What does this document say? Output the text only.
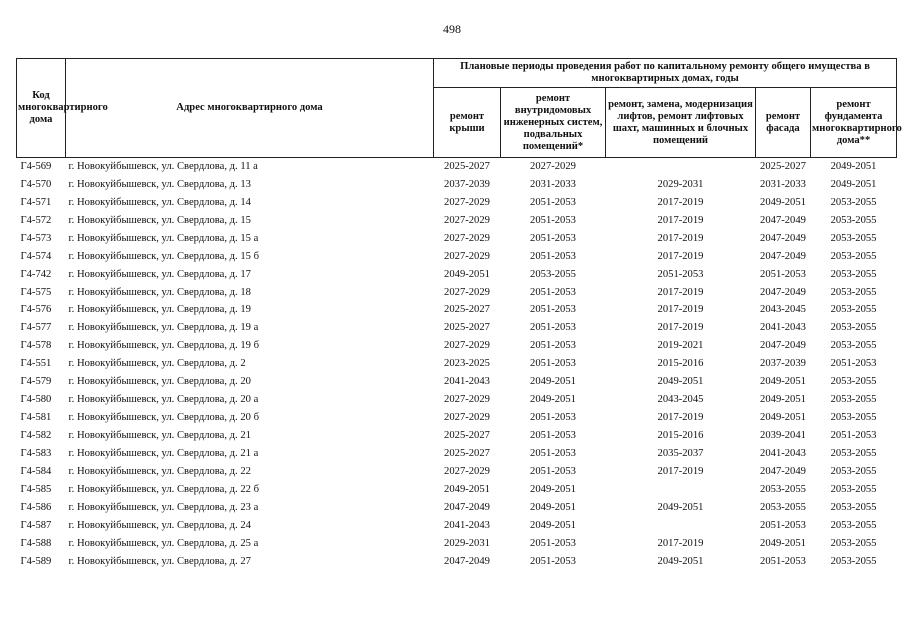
498
Код многоквартирного дома	Адрес многоквартирного дома	Плановые периоды проведения работ по капитальному ремонту общего имущества в многоквартирных домах, годы				
		ремонт крыши	ремонт внутридомовых инженерных систем, подвальных помещений*	ремонт, замена, модернизация лифтов, ремонт лифтовых шахт, машинных и блочных помещений	ремонт фасада	ремонт фундамента многоквартирного дома**
Г4-569	г. Новокуйбышевск, ул. Свердлова, д. 11 а	2025-2027	2027-2029		2025-2027	2049-2051
Г4-570	г. Новокуйбышевск, ул. Свердлова, д. 13	2037-2039	2031-2033	2029-2031	2031-2033	2049-2051
Г4-571	г. Новокуйбышевск, ул. Свердлова, д. 14	2027-2029	2051-2053	2017-2019	2049-2051	2053-2055
Г4-572	г. Новокуйбышевск, ул. Свердлова, д. 15	2027-2029	2051-2053	2017-2019	2047-2049	2053-2055
Г4-573	г. Новокуйбышевск, ул. Свердлова, д. 15 а	2027-2029	2051-2053	2017-2019	2047-2049	2053-2055
Г4-574	г. Новокуйбышевск, ул. Свердлова, д. 15 б	2027-2029	2051-2053	2017-2019	2047-2049	2053-2055
Г4-742	г. Новокуйбышевск, ул. Свердлова, д. 17	2049-2051	2053-2055	2051-2053	2051-2053	2053-2055
Г4-575	г. Новокуйбышевск, ул. Свердлова, д. 18	2027-2029	2051-2053	2017-2019	2047-2049	2053-2055
Г4-576	г. Новокуйбышевск, ул. Свердлова, д. 19	2025-2027	2051-2053	2017-2019	2043-2045	2053-2055
Г4-577	г. Новокуйбышевск, ул. Свердлова, д. 19 а	2025-2027	2051-2053	2017-2019	2041-2043	2053-2055
Г4-578	г. Новокуйбышевск, ул. Свердлова, д. 19 б	2027-2029	2051-2053	2019-2021	2047-2049	2053-2055
Г4-551	г. Новокуйбышевск, ул. Свердлова, д. 2	2023-2025	2051-2053	2015-2016	2037-2039	2051-2053
Г4-579	г. Новокуйбышевск, ул. Свердлова, д. 20	2041-2043	2049-2051	2049-2051	2049-2051	2053-2055
Г4-580	г. Новокуйбышевск, ул. Свердлова, д. 20 а	2027-2029	2049-2051	2043-2045	2049-2051	2053-2055
Г4-581	г. Новокуйбышевск, ул. Свердлова, д. 20 б	2027-2029	2051-2053	2017-2019	2049-2051	2053-2055
Г4-582	г. Новокуйбышевск, ул. Свердлова, д. 21	2025-2027	2051-2053	2015-2016	2039-2041	2051-2053
Г4-583	г. Новокуйбышевск, ул. Свердлова, д. 21 а	2025-2027	2051-2053	2035-2037	2041-2043	2053-2055
Г4-584	г. Новокуйбышевск, ул. Свердлова, д. 22	2027-2029	2051-2053	2017-2019	2047-2049	2053-2055
Г4-585	г. Новокуйбышевск, ул. Свердлова, д. 22 б	2049-2051	2049-2051		2053-2055	2053-2055
Г4-586	г. Новокуйбышевск, ул. Свердлова, д. 23 а	2047-2049	2049-2051	2049-2051	2053-2055	2053-2055
Г4-587	г. Новокуйбышевск, ул. Свердлова, д. 24	2041-2043	2049-2051		2051-2053	2053-2055
Г4-588	г. Новокуйбышевск, ул. Свердлова, д. 25 а	2029-2031	2051-2053	2017-2019	2049-2051	2053-2055
Г4-589	г. Новокуйбышевск, ул. Свердлова, д. 27	2047-2049	2051-2053	2049-2051	2051-2053	2053-2055
